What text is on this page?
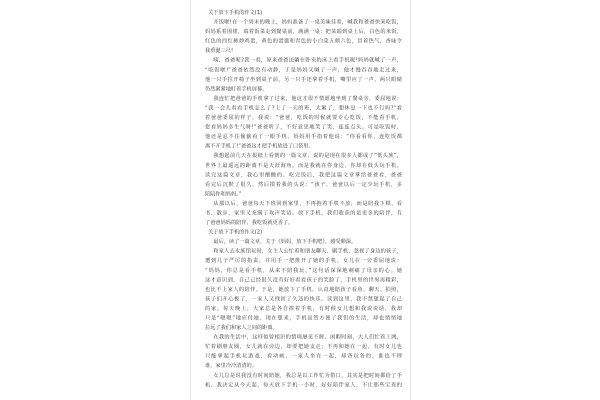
关于放下手机的作文(1)
开饭啦!在一个周末的晚上，妈妈准备了一桌美味佳肴，喊我和爸爸快来吃饭，
妈妈系着围裙，端着饭菜走到餐桌前，满满一桌：把菜端到桌上后，白色的米饭，
红色的西红柿炒鸡蛋，黄色的蛋羹和青色的小白菜五颜六色，冒着热气，香味令
我垂涎三尺!
咦，爸爸呢?我一看，原来爸爸还躺在卧室的床上看手机呢!妈妈就喊了一声，
“吃饭啦!”爸爸依然没有动静，于是妈妈又喊了一声，他才慢吞吞地走过来，
他一只手拉开椅子坐到桌子前，另一只手还拿着手机，嘴里应了一声，两只眼睛
仍然紧紧地盯着手机屏幕。
我连忙把爸爸的手机拿了过来，他这才很不情愿地坐到了餐桌旁，委屈地说：
“我一会儿看看手机怎么了?上了一天的班，太累了，想休息一下也不行吗?”看
着爸爸委屈的样子，我说：“爸爸，吃饭的时候就要专心吃饭，不能看手机，
您看妈妈多生气呀!”爸爸听了，不好意思地笑了笑，连连点头。可是吃饭时，
他还是忍不住偷偷看了一眼手机，妈妈用手指着他说：“你看看你，连吃饭都
离不开手机了!”爸爸这才把手机放进了口袋里。
我想起前几天在报纸上看到的一篇文章，说的是现在很多人都成了“低头族”，
世界上最遥远的距离不是天涯海角，而是我就在你身边，你却在低头玩手机。
读完这篇文章，我心里酸酸的。吃完饭后，我把这篇文章拿给爸爸看，爸爸
看完后沉默了很久，然后摸着我的头说：“孩子，爸爸以后一定少玩手机，多
陪陪你和妈妈。”
从那以后，爸爸每天下班回到家里，不再抱着手机不放，而是陪我下棋、看
书、散步，家里又充满了欢声笑语。放下手机，我们收获的是更多的陪伴，有
了爸爸妈妈的陪伴，我吃饭就更香了。
关于放下手机的作文(2)
最后，读了一篇文章，关于《妈妈，放下手机吧》，感受颇深。
和家人去水族馆玩时，女主人公忙着和朋友聊天、刷手机，忽视了身边的孩子，
遭到儿子严厉的指责，并用手一把推开了她的手机。女儿在一旁委屈地说：
“妈妈，你总是看手机，从来不陪我玩。”这句话深深地刺痛了母亲的心。她
这才意识到，自己已经很久没有好好看看孩子的笑脸了，手机里的世界再精彩，
也比不上家人的陪伴。于是，她放下了手机，认真地陪孩子看鱼、聊天、拍照，
孩子们开心极了，一家人又找回了久违的快乐。读到这里，我不禁想起了自己
的家。每天晚上，大家总是各自捧着手机，有时候女儿想和我说说话，我却
只是“嗯嗯”地应付她。现在想来，手机虽然方便了我们的生活，却也悄悄地
拉远了我们和家人之间的距离。
在我的生活中，这样似曾相识的情境屡见不鲜。闲暇时刻，大人们忙着上网，
忙着刷朋友圈，女儿就在旁边，却要把她支走；不再和她在一起，有时女儿也
只能拿起手机玩游戏、看动画，一家人坐在一起，却各玩各的，谁也不理
谁，家里冷冷清清的。
女儿总是说我没有时间陪她，我总是以工作忙为借口，其实是把时间都给了手
机。我决定从今天起，每天放下手机一小时，好好陪伴家人，不让那些宝贵的
